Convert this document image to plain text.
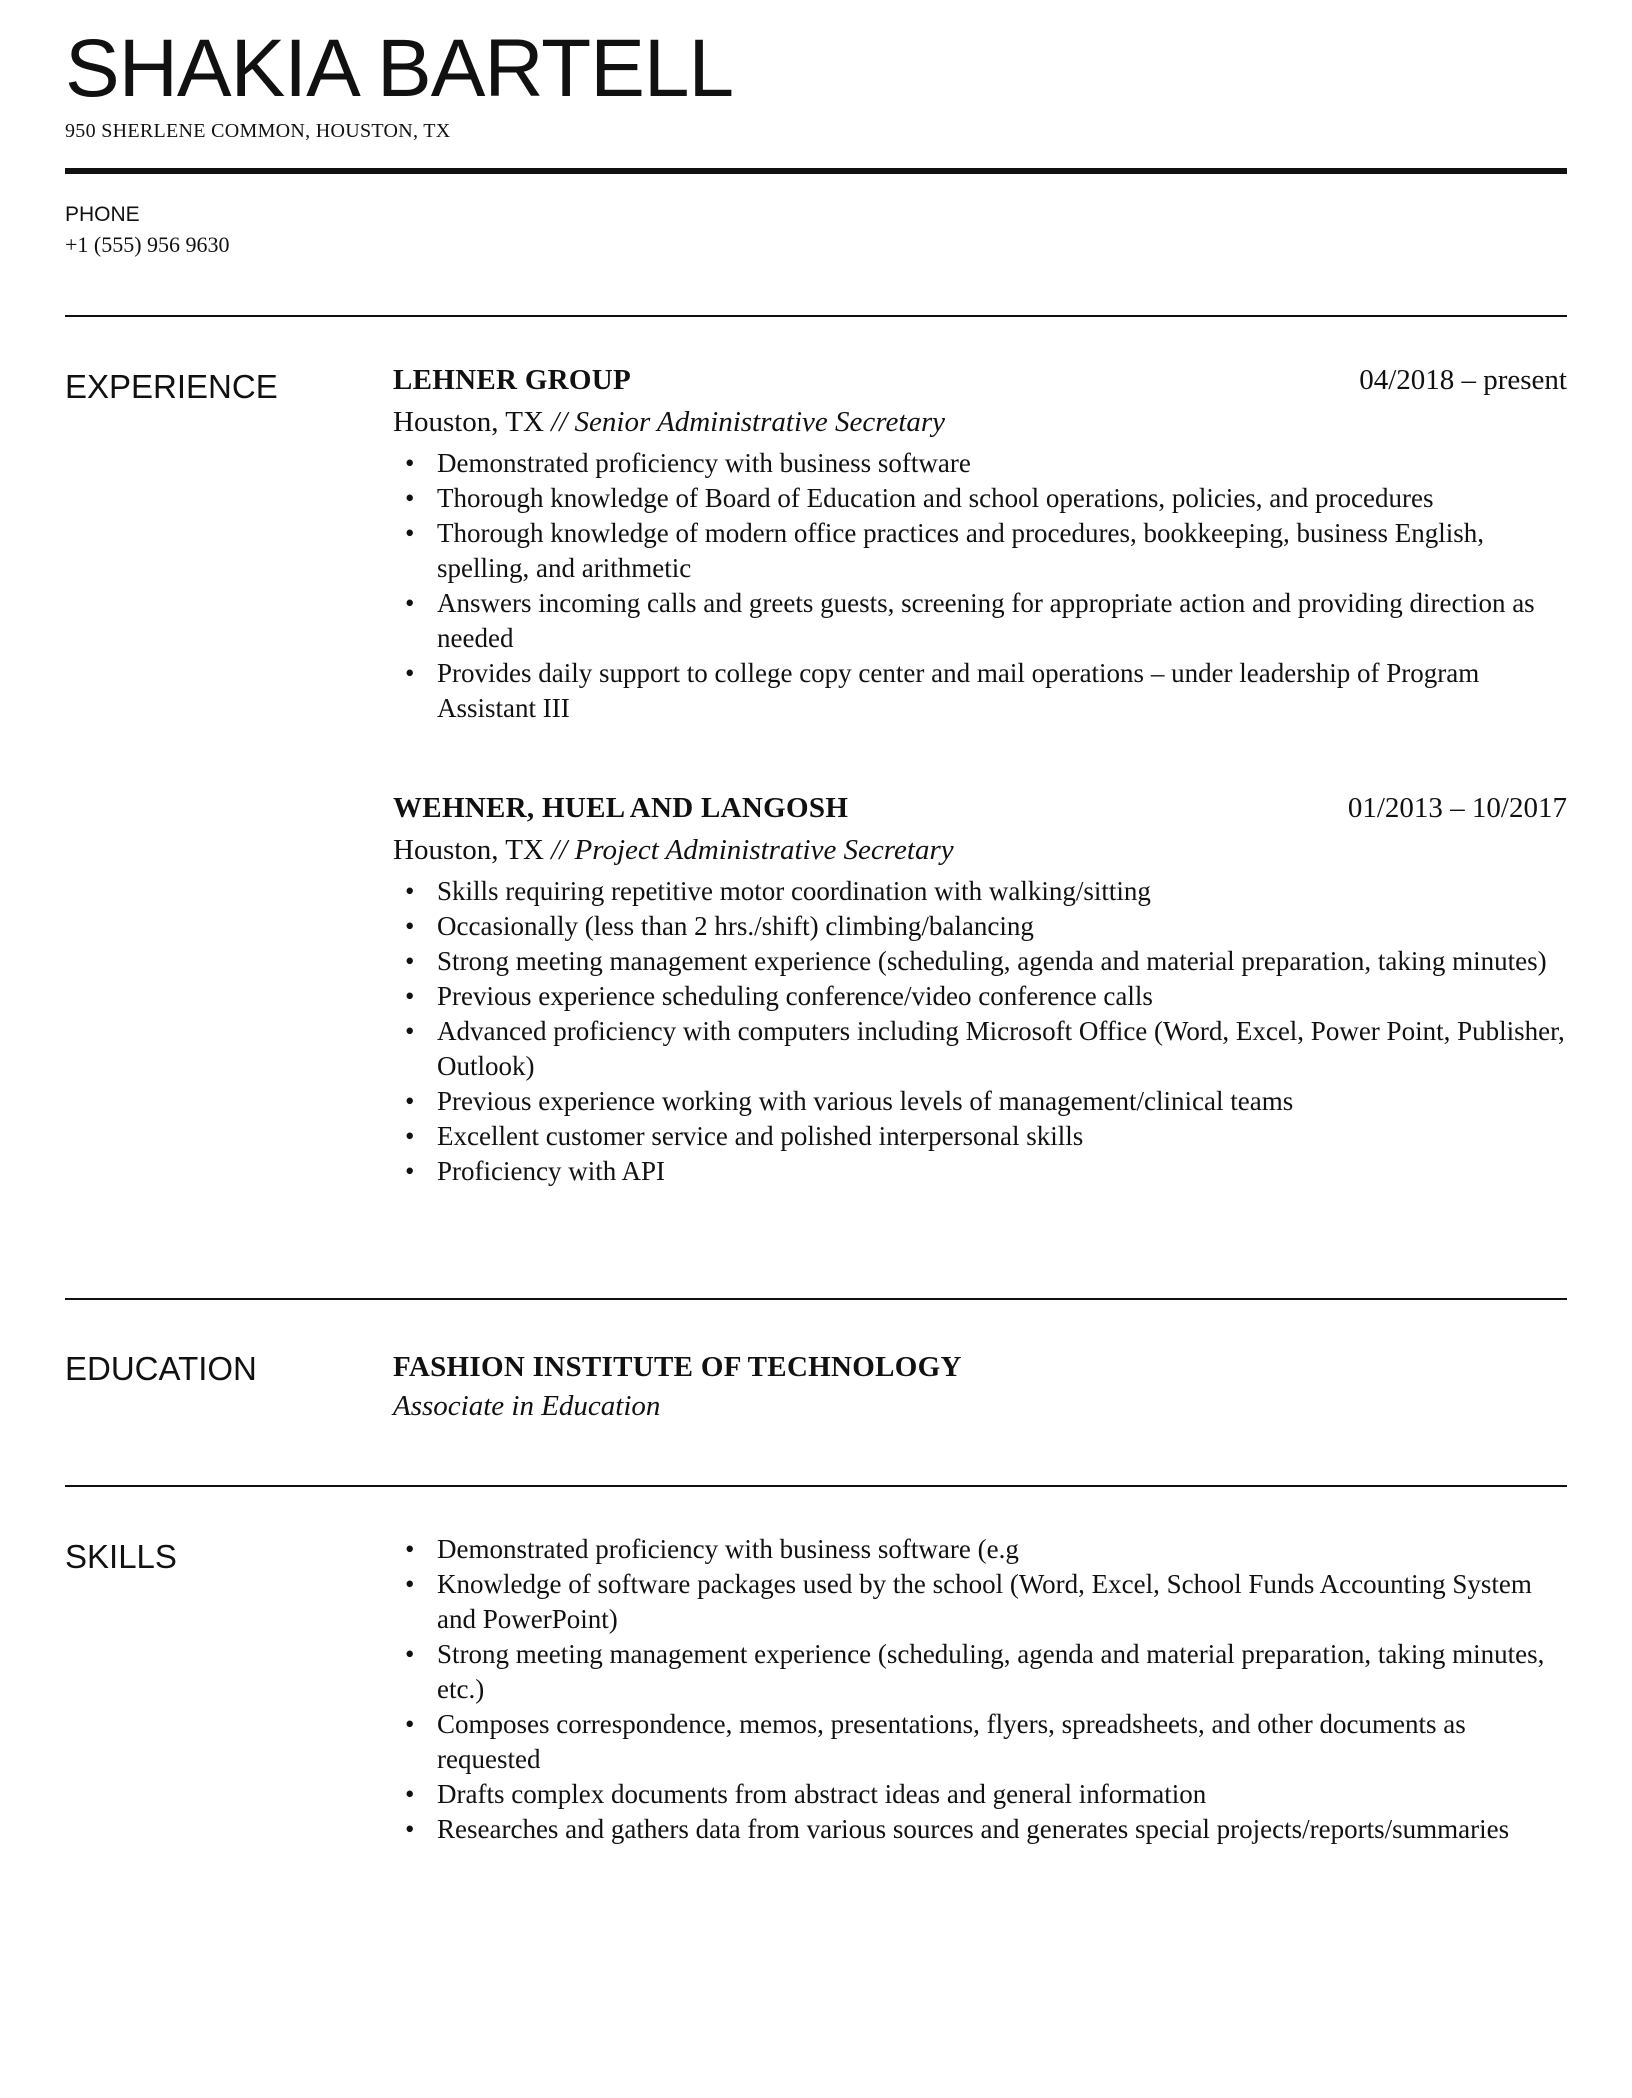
SHAKIA BARTELL
950 SHERLENE COMMON, HOUSTON, TX
PHONE
+1 (555) 956 9630
EXPERIENCE	LEHNER GROUP	04/2018 – present
Houston, TX // Senior Administrative Secretary
• Demonstrated proficiency with business software
• Thorough knowledge of Board of Education and school operations, policies, and procedures
• Thorough knowledge of modern office practices and procedures, bookkeeping, business English, spelling, and arithmetic
• Answers incoming calls and greets guests, screening for appropriate action and providing direction as needed
• Provides daily support to college copy center and mail operations – under leadership of Program Assistant III
WEHNER, HUEL AND LANGOSH	01/2013 – 10/2017
Houston, TX // Project Administrative Secretary
• Skills requiring repetitive motor coordination with walking/sitting
• Occasionally (less than 2 hrs./shift) climbing/balancing
• Strong meeting management experience (scheduling, agenda and material preparation, taking minutes)
• Previous experience scheduling conference/video conference calls
• Advanced proficiency with computers including Microsoft Office (Word, Excel, Power Point, Publisher, Outlook)
• Previous experience working with various levels of management/clinical teams
• Excellent customer service and polished interpersonal skills
• Proficiency with API
EDUCATION	FASHION INSTITUTE OF TECHNOLOGY
Associate in Education
SKILLS
•	Demonstrated proficiency with business software (e.g
• Knowledge of software packages used by the school (Word, Excel, School Funds Accounting System and PowerPoint)
• Strong meeting management experience (scheduling, agenda and material preparation, taking minutes, etc.)
• Composes correspondence, memos, presentations, flyers, spreadsheets, and other documents as requested
• Drafts complex documents from abstract ideas and general information
• Researches and gathers data from various sources and generates special projects/reports/summaries
